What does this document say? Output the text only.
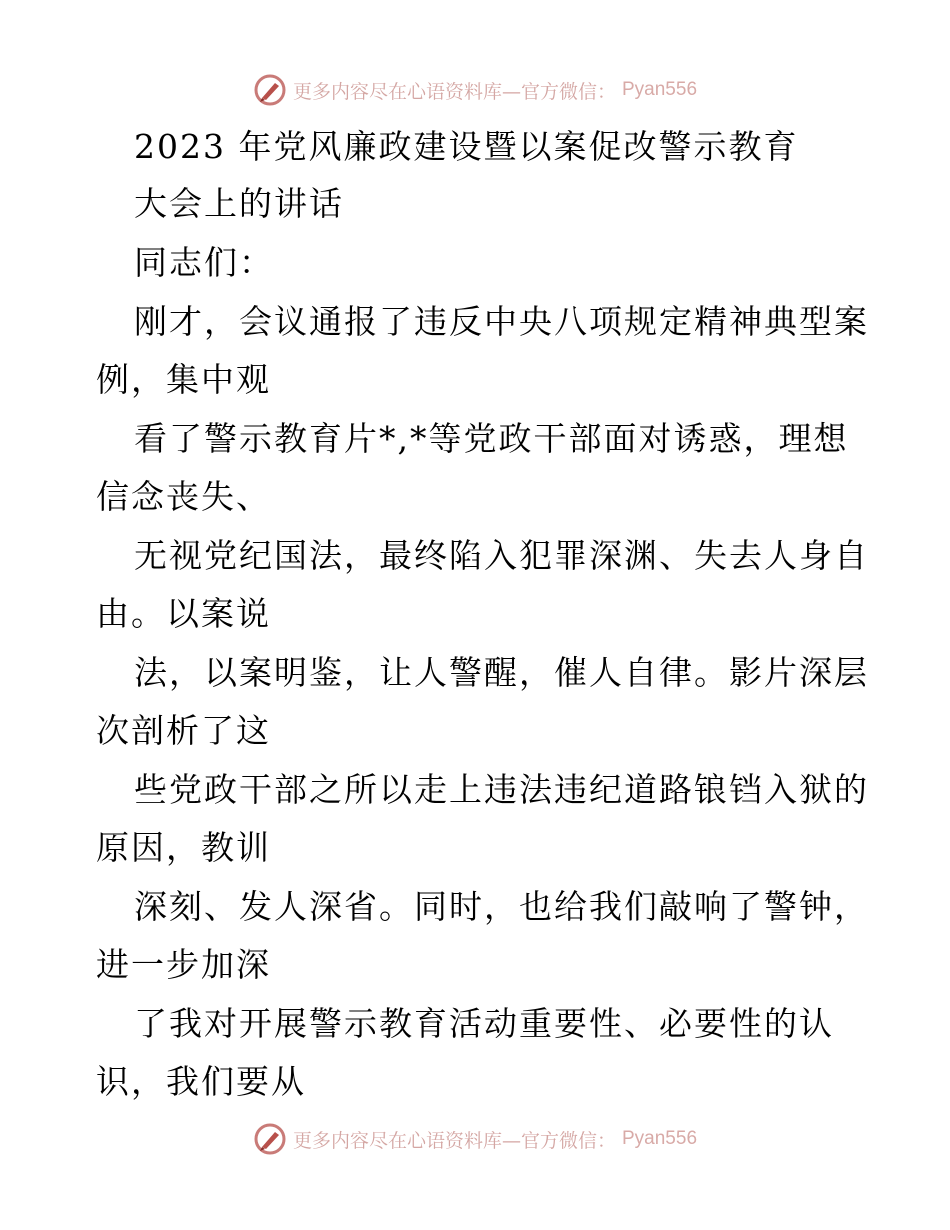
更多内容尽在心语资料库—官方微信： Pyan556
2023 年党风廉政建设暨以案促改警示教育
大会上的讲话
同志们：
刚才，会议通报了违反中央八项规定精神典型案
例，集中观
看了警示教育片*,*等党政干部面对诱惑，理想
信念丧失、
无视党纪国法，最终陷入犯罪深渊、失去人身自
由。以案说
法，以案明鉴，让人警醒，催人自律。影片深层
次剖析了这
些党政干部之所以走上违法违纪道路锒铛入狱的
原因，教训
深刻、发人深省。同时，也给我们敲响了警钟，
进一步加深
了我对开展警示教育活动重要性、必要性的认
识，我们要从
更多内容尽在心语资料库—官方微信： Pyan556
